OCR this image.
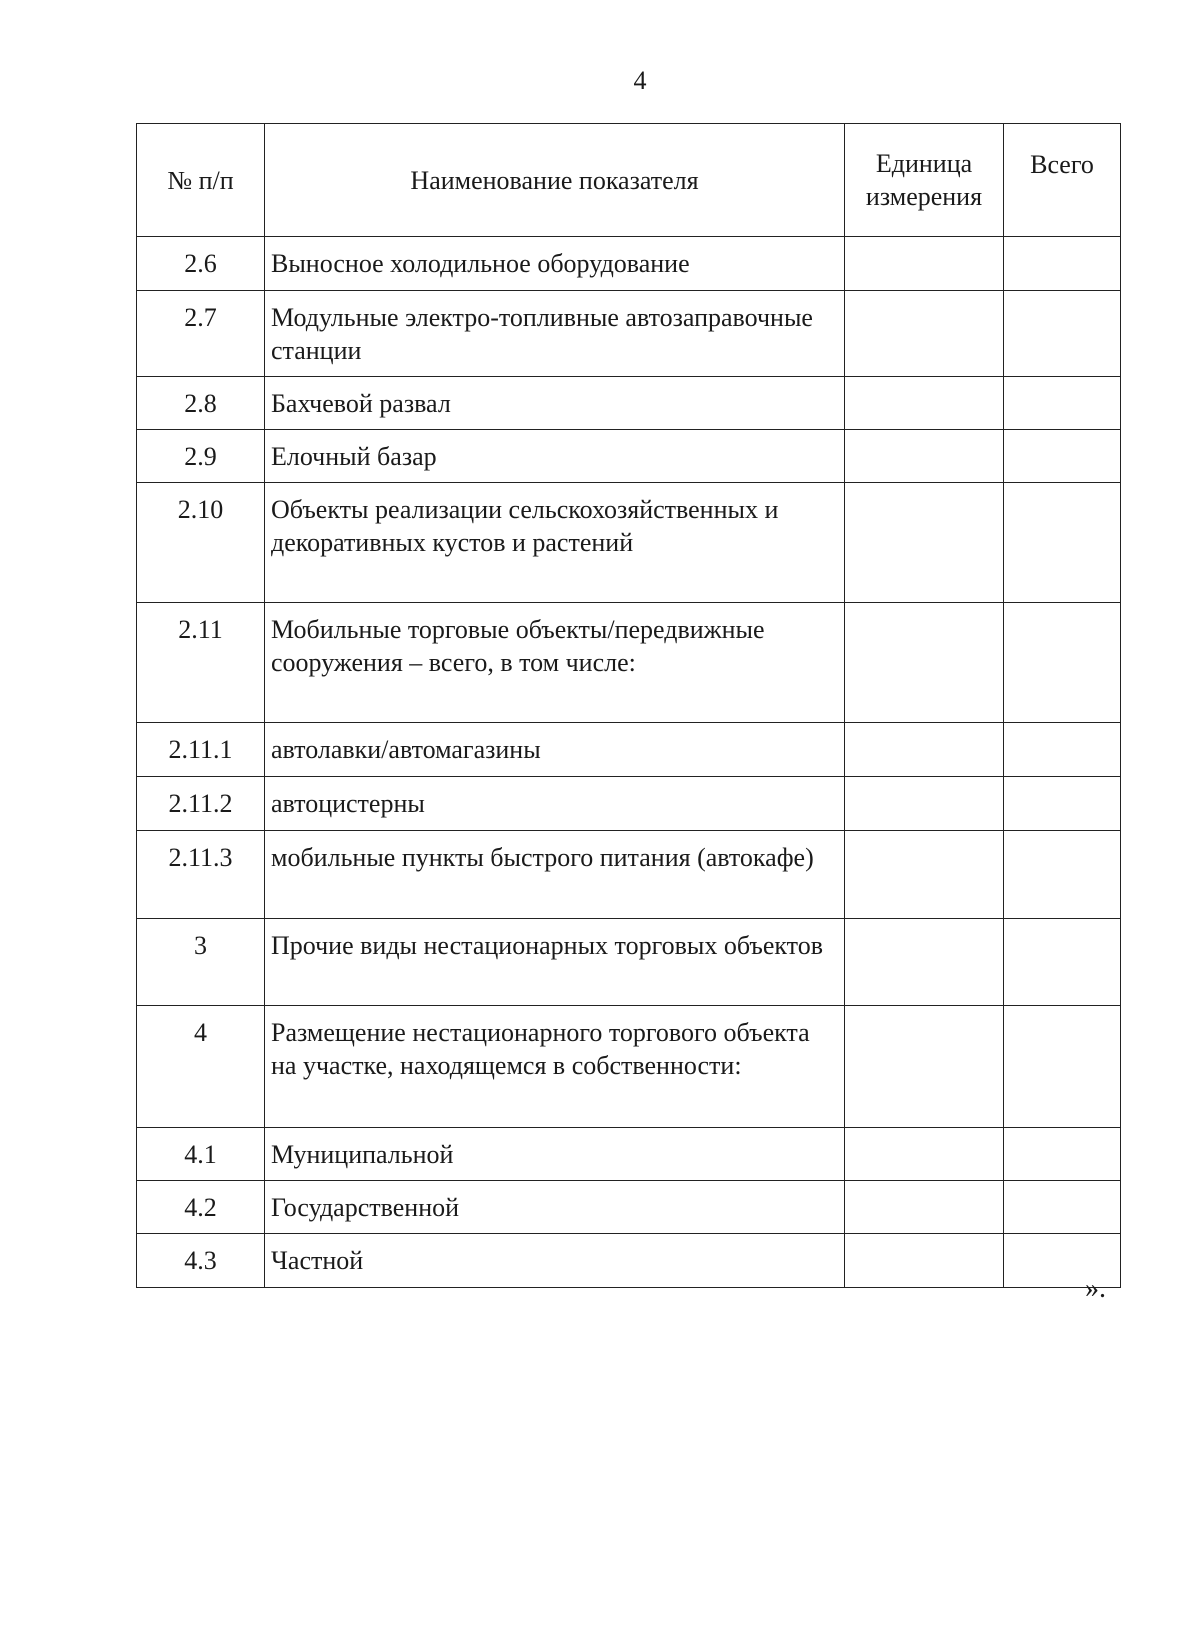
4
№ п/п	Наименование показателя	Единица измерения	Всего
2.6	Выносное холодильное оборудование		
2.7	Модульные электро-топливные автозаправочные станции		
2.8	Бахчевой развал		
2.9	Елочный базар		
2.10	Объекты реализации сельскохозяйственных и декоративных кустов и растений		
2.11	Мобильные торговые объекты/передвижные сооружения – всего, в том числе:		
2.11.1	автолавки/автомагазины		
2.11.2	автоцистерны		
2.11.3	мобильные пункты быстрого питания (автокафе)		
3	Прочие виды нестационарных торговых объектов		
4	Размещение нестационарного торгового объекта на участке, находящемся в собственности:		
4.1	Муниципальной		
4.2	Государственной		
4.3	Частной		
».
